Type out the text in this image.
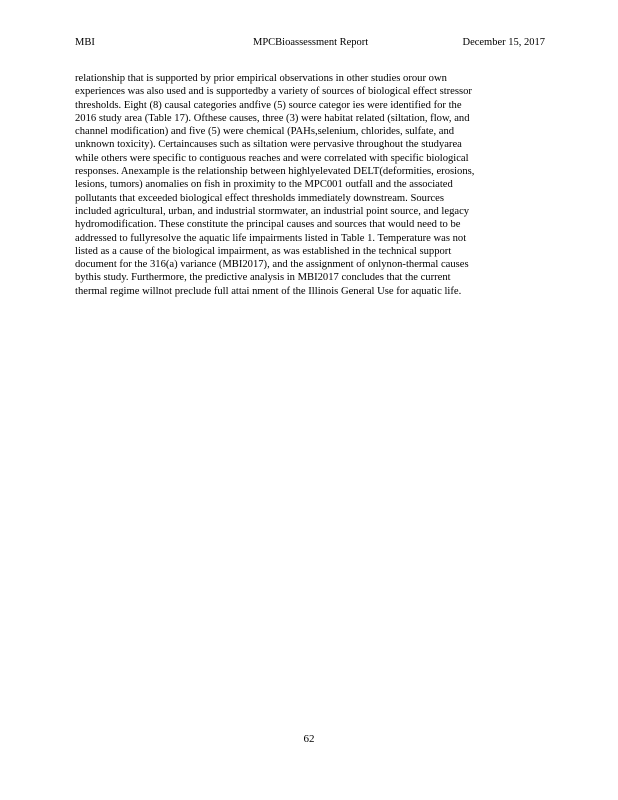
MBI	MPCBioassessment Report	December 15, 2017
relationship that is supported by prior empirical observations in other studies orour own
experiences was also used and is supportedby a variety of sources of biological effect stressor
thresholds. Eight (8) causal categories andfive (5) source categor ies were identified for the
2016 study area (Table 17). Ofthese causes, three (3) were habitat related (siltation, flow, and
channel modification) and five (5) were chemical (PAHs,selenium, chlorides, sulfate, and
unknown toxicity). Certaincauses such as siltation were pervasive throughout the studyarea
while others were specific to contiguous reaches and were correlated with specific biological
responses. Anexample is the relationship between highlyelevated DELT(deformities, erosions,
lesions, tumors) anomalies on fish in proximity to the MPC001 outfall and the associated
pollutants that exceeded biological effect thresholds immediately downstream. Sources
included agricultural, urban, and industrial stormwater, an industrial point source, and legacy
hydromodification. These constitute the principal causes and sources that would need to be
addressed to fullyresolve the aquatic life impairments listed in Table 1. Temperature was not
listed as a cause of the biological impairment, as was established in the technical support
document for the 316(a) variance (MBI2017), and the assignment of onlynon-thermal causes
bythis study. Furthermore, the predictive analysis in MBI2017 concludes that the current
thermal regime willnot preclude full attai nment of the Illinois General Use for aquatic life.
62
